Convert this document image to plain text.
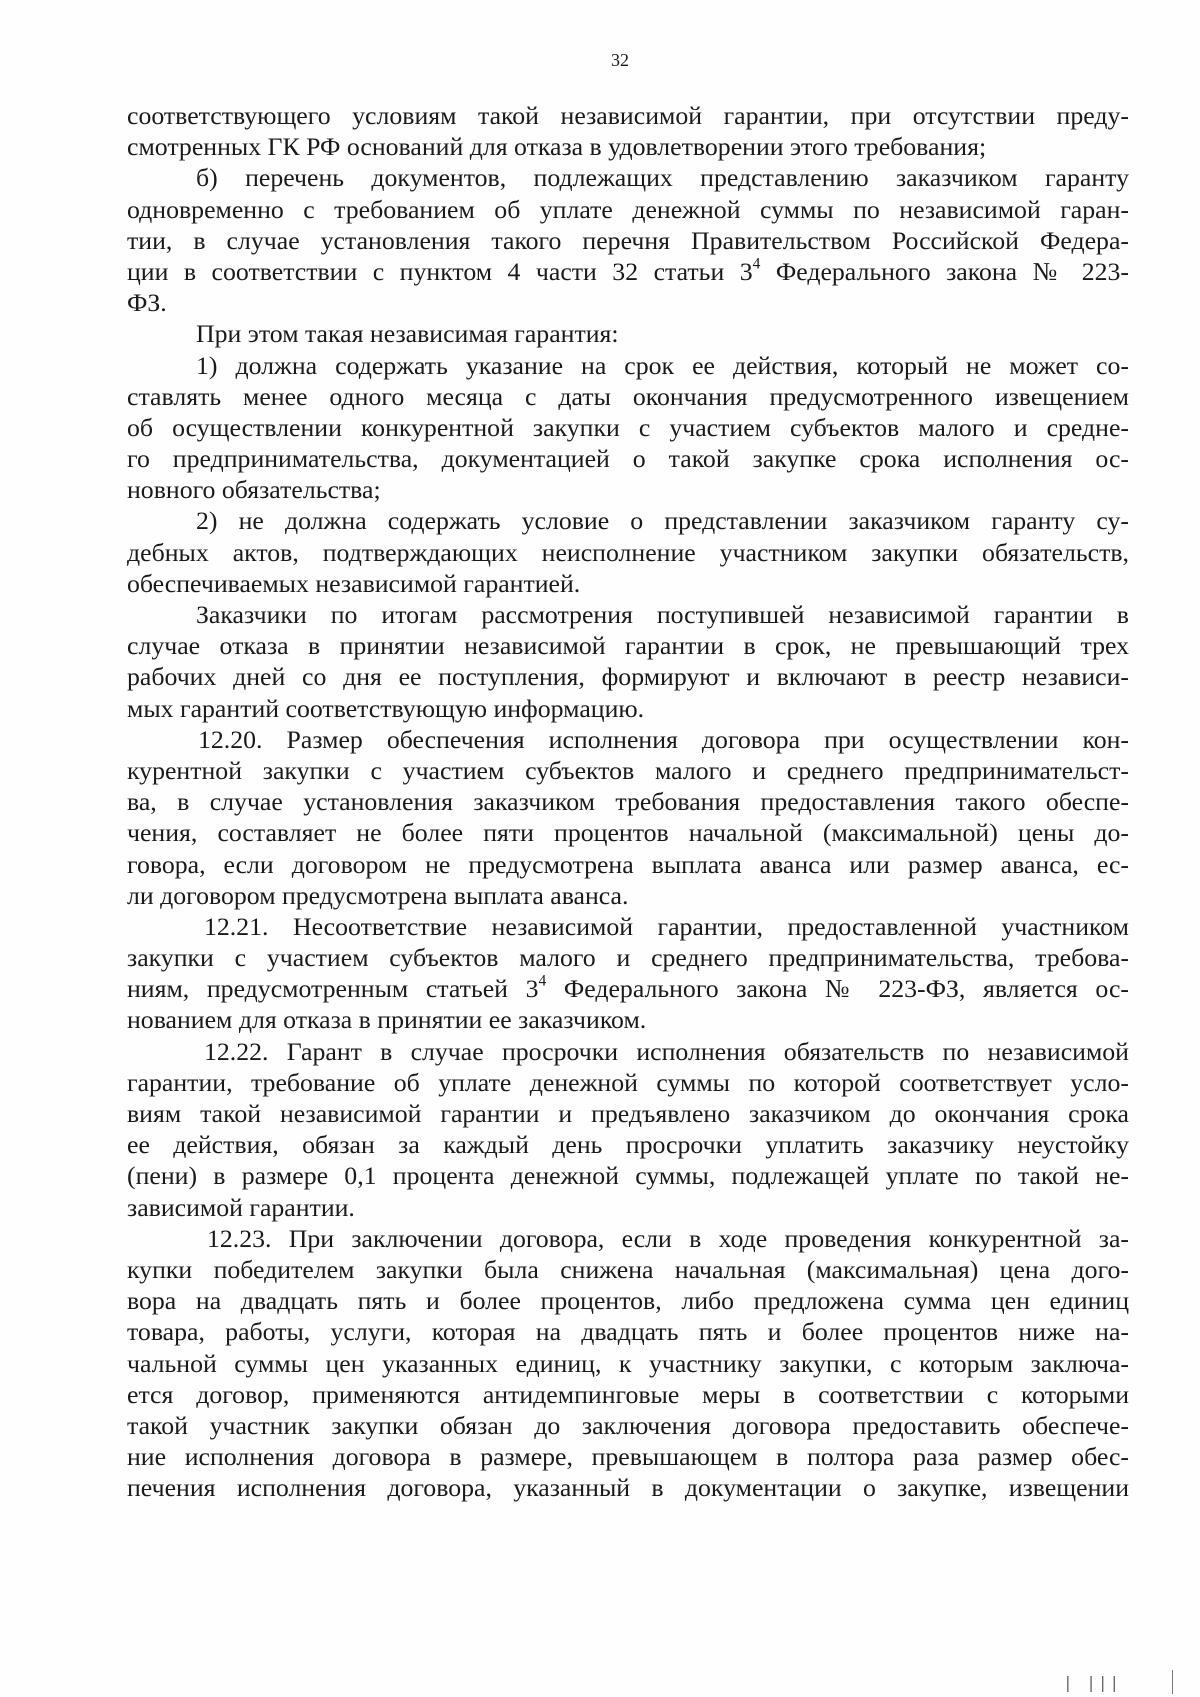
32
соответствующего условиям такой независимой гарантии, при отсутствии преду-
смотренных ГК РФ оснований для отказа в удовлетворении этого требования;
б) перечень документов, подлежащих представлению заказчиком гаранту
одновременно с требованием об уплате денежной суммы по независимой гаран-
тии, в случае установления такого перечня Правительством Российской Федера-
ции в соответствии с пунктом 4 части 32 статьи $3^4$ Федерального закона № 223-
ФЗ.
При этом такая независимая гарантия:
1) должна содержать указание на срок ее действия, который не может со-
ставлять менее одного месяца с даты окончания предусмотренного извещением
об осуществлении конкурентной закупки с участием субъектов малого и средне-
го предпринимательства, документацией о такой закупке срока исполнения ос-
новного обязательства;
2) не должна содержать условие о представлении заказчиком гаранту су-
дебных актов, подтверждающих неисполнение участником закупки обязательств,
обеспечиваемых независимой гарантией.
Заказчики по итогам рассмотрения поступившей независимой гарантии в
случае отказа в принятии независимой гарантии в срок, не превышающий трех
рабочих дней со дня ее поступления, формируют и включают в реестр независи-
мых гарантий соответствующую информацию.
12.20. Размер обеспечения исполнения договора при осуществлении кон-
курентной закупки с участием субъектов малого и среднего предпринимательст-
ва, в случае установления заказчиком требования предоставления такого обеспе-
чения, составляет не более пяти процентов начальной (максимальной) цены до-
говора, если договором не предусмотрена выплата аванса или размер аванса, ес-
ли договором предусмотрена выплата аванса.
12.21. Несоответствие независимой гарантии, предоставленной участником
закупки с участием субъектов малого и среднего предпринимательства, требова-
ниям, предусмотренным статьей $3^4$ Федерального закона № 223-ФЗ, является ос-
нованием для отказа в принятии ее заказчиком.
12.22. Гарант в случае просрочки исполнения обязательств по независимой
гарантии, требование об уплате денежной суммы по которой соответствует усло-
виям такой независимой гарантии и предъявлено заказчиком до окончания срока
ее действия, обязан за каждый день просрочки уплатить заказчику неустойку
(пени) в размере 0,1 процента денежной суммы, подлежащей уплате по такой не-
зависимой гарантии.
12.23. При заключении договора, если в ходе проведения конкурентной за-
купки победителем закупки была снижена начальная (максимальная) цена дого-
вора на двадцать пять и более процентов, либо предложена сумма цен единиц
товара, работы, услуги, которая на двадцать пять и более процентов ниже на-
чальной суммы цен указанных единиц, к участнику закупки, с которым заключа-
ется договор, применяются антидемпинговые меры в соответствии с которыми
такой участник закупки обязан до заключения договора предоставить обеспече-
ние исполнения договора в размере, превышающем в полтора раза размер обес-
печения исполнения договора, указанный в документации о закупке, извещении
| |||
